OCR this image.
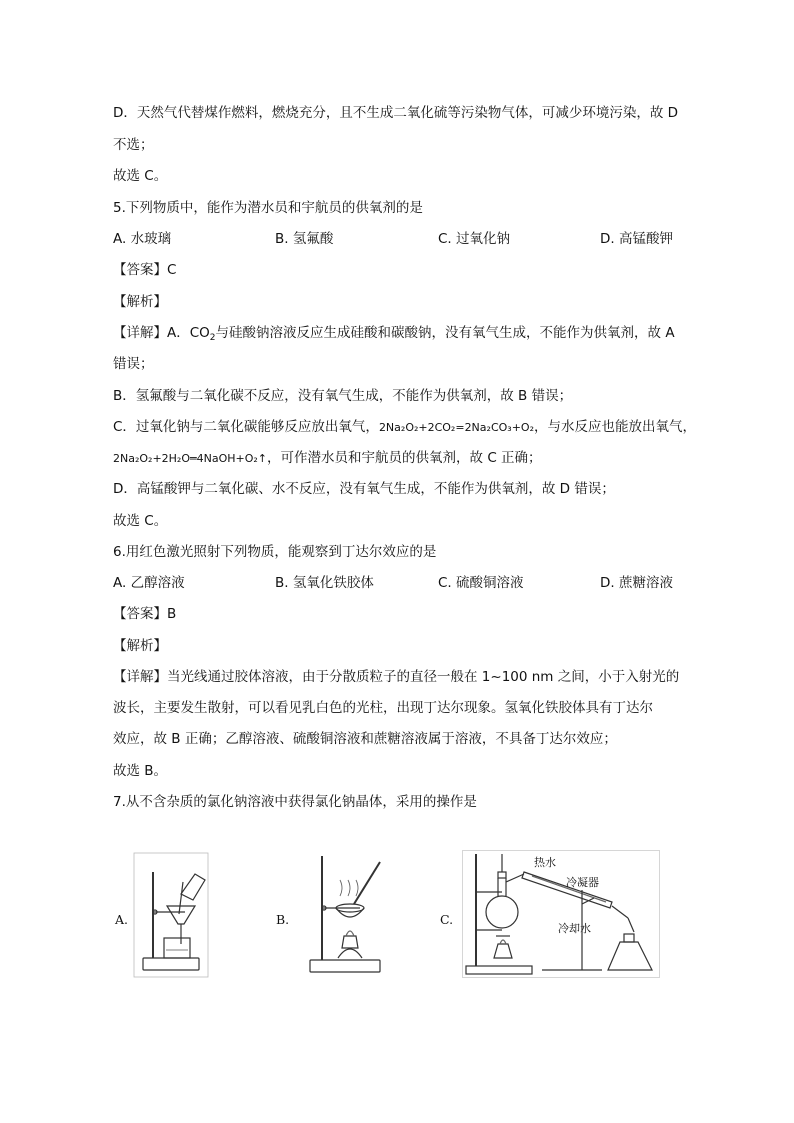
D．天然气代替煤作燃料，燃烧充分，且不生成二氧化硫等污染物气体，可减少环境污染，故 D
不选；
故选 C。
5.下列物质中，能作为潜水员和宇航员的供氧剂的是
A. 水玻璃	B. 氢氟酸	C. 过氧化钠	D. 高锰酸钾
【答案】C
【解析】
【详解】A．$CO_2$与硅酸钠溶液反应生成硅酸和碳酸钠，没有氧气生成，不能作为供氧剂，故 A
错误；
B．氢氟酸与二氧化碳不反应，没有氧气生成，不能作为供氧剂，故 B 错误；
C．过氧化钠与二氧化碳能够反应放出氧气，2Na₂O₂+2CO₂=2Na₂CO₃+O₂，与水反应也能放出氧气，
2Na₂O₂+2H₂O═4NaOH+O₂↑，可作潜水员和宇航员的供氧剂，故 C 正确；
D．高锰酸钾与二氧化碳、水不反应，没有氧气生成，不能作为供氧剂，故 D 错误；
故选 C。
6.用红色激光照射下列物质，能观察到丁达尔效应的是
A. 乙醇溶液	B. 氢氧化铁胶体	C. 硫酸铜溶液	D. 蔗糖溶液
【答案】B
【解析】
【详解】当光线通过胶体溶液，由于分散质粒子的直径一般在 1~100 nm 之间，小于入射光的
波长，主要发生散射，可以看见乳白色的光柱，出现丁达尔现象。氢氧化铁胶体具有丁达尔
效应，故 B 正确；乙醇溶液、硫酸铜溶液和蔗糖溶液属于溶液，不具备丁达尔效应；
故选 B。
7.从不含杂质的氯化钠溶液中获得氯化钠晶体，采用的操作是
A.	B.	C.
热水
冷凝器
冷却水
